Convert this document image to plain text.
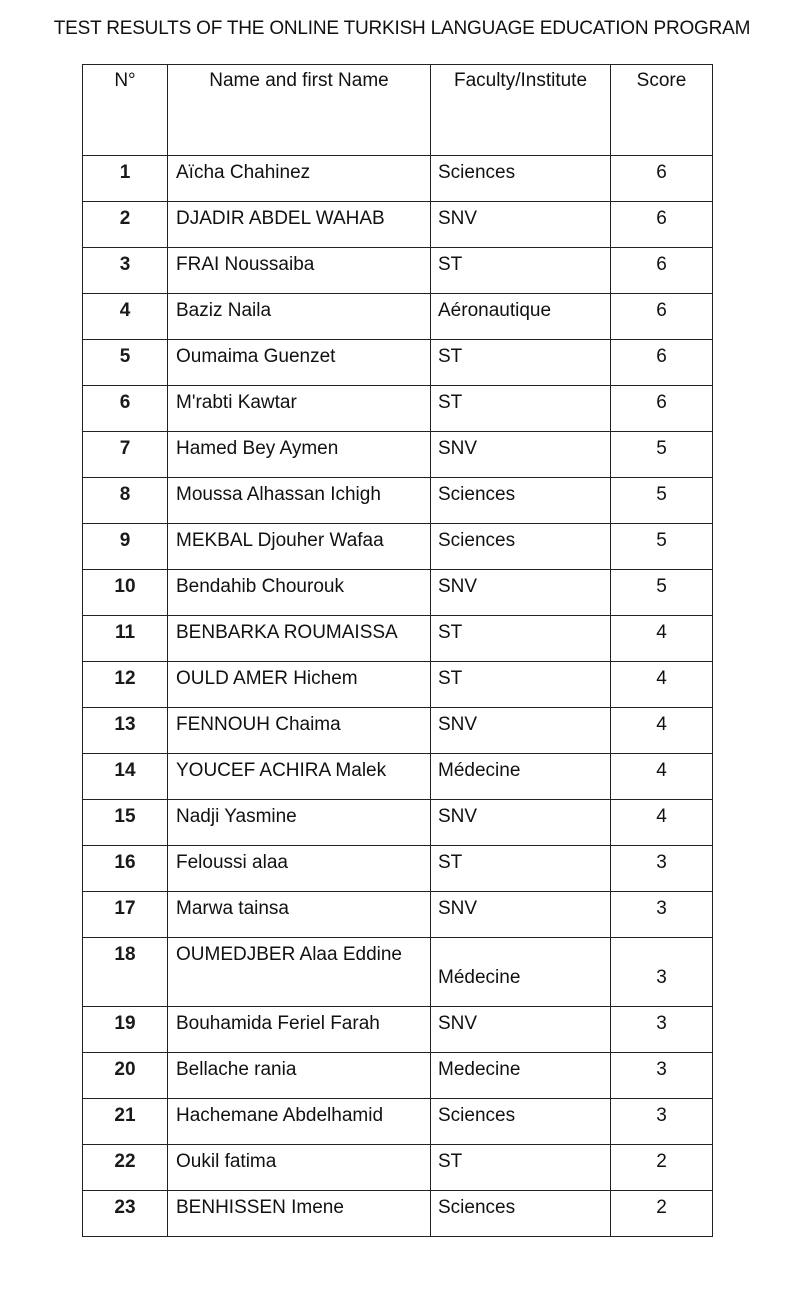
TEST RESULTS OF THE ONLINE TURKISH LANGUAGE EDUCATION PROGRAM
N°	Name and first Name	Faculty/Institute	Score
1	Aïcha Chahinez	Sciences	6
2	DJADIR ABDEL WAHAB	SNV	6
3	FRAI Noussaiba	ST	6
4	Baziz Naila	Aéronautique	6
5	Oumaima Guenzet	ST	6
6	M'rabti Kawtar	ST	6
7	Hamed Bey Aymen	SNV	5
8	Moussa Alhassan Ichigh	Sciences	5
9	MEKBAL Djouher Wafaa	Sciences	5
10	Bendahib Chourouk	SNV	5
11	BENBARKA ROUMAISSA	ST	4
12	OULD AMER Hichem	ST	4
13	FENNOUH Chaima	SNV	4
14	YOUCEF ACHIRA Malek	Médecine	4
15	Nadji Yasmine	SNV	4
16	Feloussi alaa	ST	3
17	Marwa tainsa	SNV	3
18	OUMEDJBER Alaa Eddine	Médecine	3
19	Bouhamida Feriel Farah	SNV	3
20	Bellache rania	Medecine	3
21	Hachemane Abdelhamid	Sciences	3
22	Oukil fatima	ST	2
23	BENHISSEN Imene	Sciences	2
